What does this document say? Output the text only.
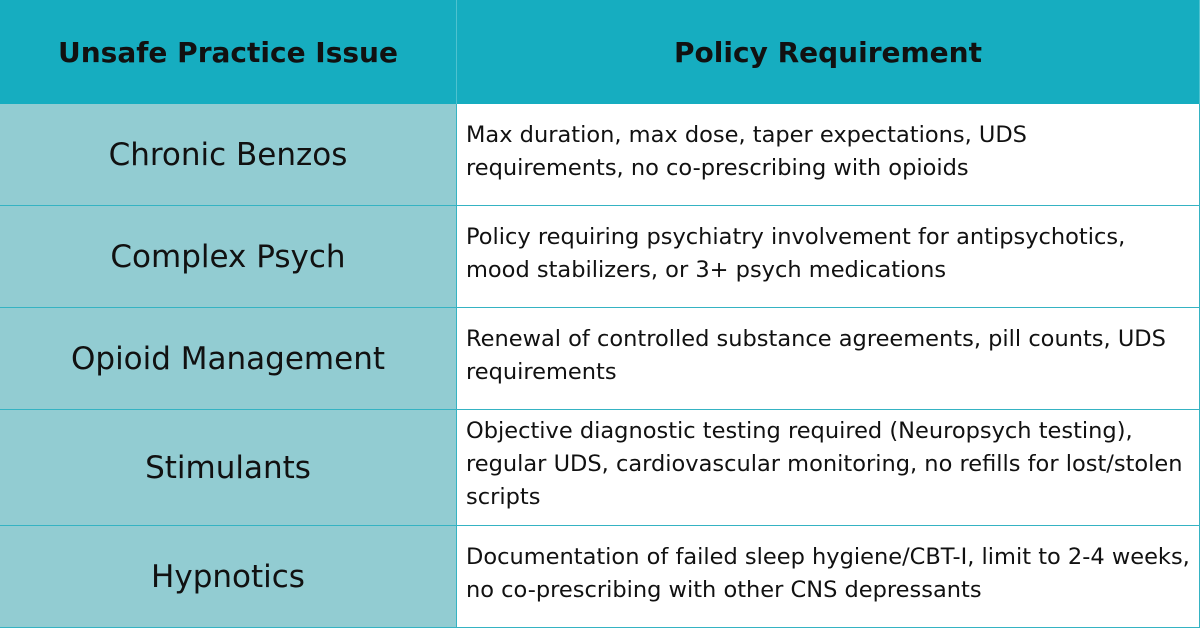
Unsafe Practice Issue	Policy Requirement
Chronic Benzos
Max duration, max dose, taper expectations, UDS requirements, no co-prescribing with opioids
Complex Psych
Policy requiring psychiatry involvement for antipsychotics, mood stabilizers, or 3+ psych medications
Opioid Management
Renewal of controlled substance agreements, pill counts, UDS requirements
Stimulants
Objective diagnostic testing required (Neuropsych testing), regular UDS, cardiovascular monitoring, no refills for lost/stolen scripts
Hypnotics
Documentation of failed sleep hygiene/CBT-I, limit to 2-4 weeks, no co-prescribing with other CNS depressants
